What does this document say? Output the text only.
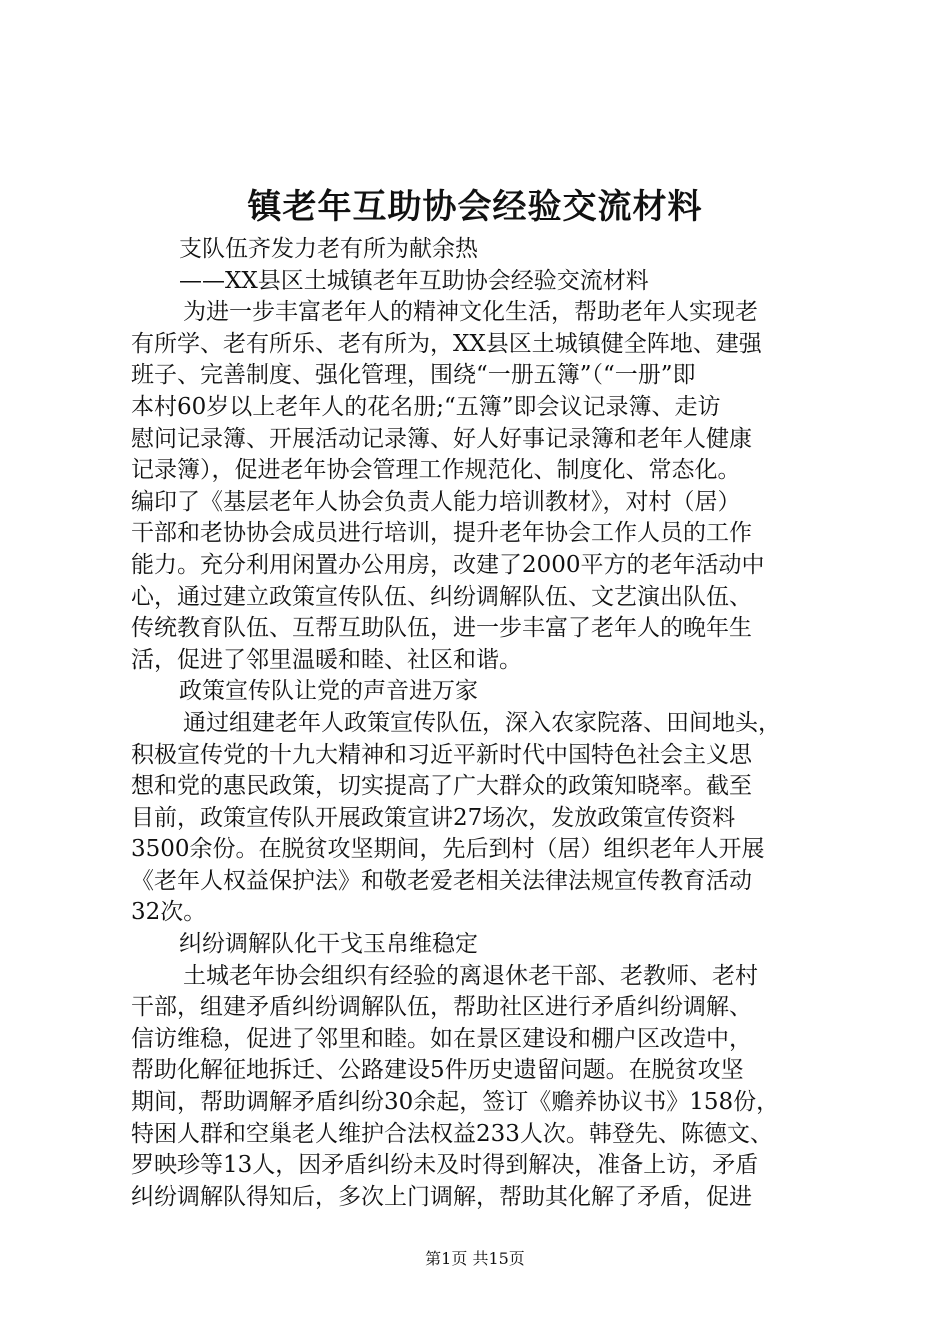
镇老年互助协会经验交流材料
支队伍齐发力老有所为献余热
——XX县区土城镇老年互助协会经验交流材料
为进一步丰富老年人的精神文化生活，帮助老年人实现老
有所学、老有所乐、老有所为，XX县区土城镇健全阵地、建强
班子、完善制度、强化管理，围绕“一册五簿”（“一册”即
本村60岁以上老年人的花名册;“五簿”即会议记录簿、走访
慰问记录簿、开展活动记录簿、好人好事记录簿和老年人健康
记录簿），促进老年协会管理工作规范化、制度化、常态化。
编印了《基层老年人协会负责人能力培训教材》，对村（居）
干部和老协协会成员进行培训，提升老年协会工作人员的工作
能力。充分利用闲置办公用房，改建了2000平方的老年活动中
心，通过建立政策宣传队伍、纠纷调解队伍、文艺演出队伍、
传统教育队伍、互帮互助队伍，进一步丰富了老年人的晚年生
活，促进了邻里温暖和睦、社区和谐。
政策宣传队让党的声音进万家
通过组建老年人政策宣传队伍，深入农家院落、田间地头，
积极宣传党的十九大精神和习近平新时代中国特色社会主义思
想和党的惠民政策，切实提高了广大群众的政策知晓率。截至
目前，政策宣传队开展政策宣讲27场次，发放政策宣传资料
3500余份。在脱贫攻坚期间，先后到村（居）组织老年人开展
《老年人权益保护法》和敬老爱老相关法律法规宣传教育活动
32次。
纠纷调解队化干戈玉帛维稳定
土城老年协会组织有经验的离退休老干部、老教师、老村
干部，组建矛盾纠纷调解队伍，帮助社区进行矛盾纠纷调解、
信访维稳，促进了邻里和睦。如在景区建设和棚户区改造中，
帮助化解征地拆迁、公路建设5件历史遗留问题。在脱贫攻坚
期间，帮助调解矛盾纠纷30余起，签订《赡养协议书》158份，
特困人群和空巢老人维护合法权益233人次。韩登先、陈德文、
罗映珍等13人，因矛盾纠纷未及时得到解决，准备上访，矛盾
纠纷调解队得知后，多次上门调解，帮助其化解了矛盾，促进
第1页 共15页
